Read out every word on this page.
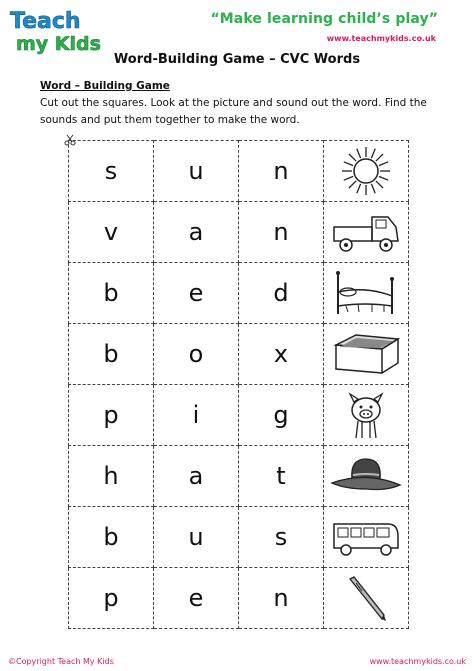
Teach
my Kids
“Make learning child’s play”
www.teachmykids.co.uk
Word-Building Game – CVC Words
Word – Building Game
Cut out the squares. Look at the picture and sound out the word. Find the sounds and put them together to make the word.
s	u	n	

v	a	n	

b	e	d	

b	o	x	

p	i	g	

h	a	t	

b	u	s	

p	e	n	
©Copyright Teach My Kids	www.teachmykids.co.uk
